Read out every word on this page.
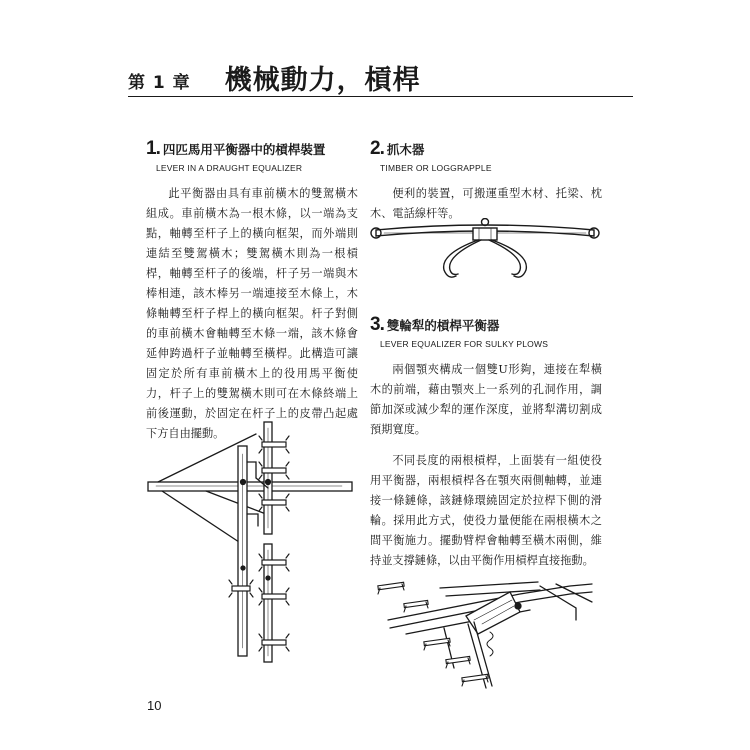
第 1 章 機械動力，槓桿
1. 四匹馬用平衡器中的槓桿裝置
LEVER IN A DRAUGHT EQUALIZER

此平衡器由具有車前橫木的雙駕橫木組成。車前橫木為一根木條，以一端為支點，軸轉至杆子上的橫向框架，而外端則連結至雙駕橫木；雙駕橫木則為一根槓桿，軸轉至杆子的後端，杆子另一端與木棒相連，該木棒另一端連接至木條上，木條軸轉至杆子桿上的橫向框架。杆子對側的車前橫木會軸轉至木條一端，該木條會延伸跨過杆子並軸轉至橫桿。此構造可讓固定於所有車前橫木上的役用馬平衡使力，杆子上的雙駕橫木則可在木條終端上前後運動，於固定在杆子上的皮帶凸起處下方自由擺動。

2. 抓木器
TIMBER OR LOGGRAPPLE

便利的裝置，可搬運重型木材、托梁、枕木、電話線杆等。

3. 雙輪犁的槓桿平衡器
LEVER EQUALIZER FOR SULKY PLOWS

兩個顎夾構成一個雙U形夠，連接在犁橫木的前端，藉由顎夾上一系列的孔洞作用，調節加深或減少犁的運作深度，並將犁溝切割成預期寬度。

不同長度的兩根槓桿，上面裝有一組使役用平衡器，兩根槓桿各在顎夾兩側軸轉，並連接一條鏈條，該鏈條環繞固定於拉桿下側的滑輪。採用此方式，使役力量便能在兩根橫木之間平衡施力。擺動臂桿會軸轉至橫木兩側，維持並支撐鏈條，以由平衡作用槓桿直接拖動。

10
